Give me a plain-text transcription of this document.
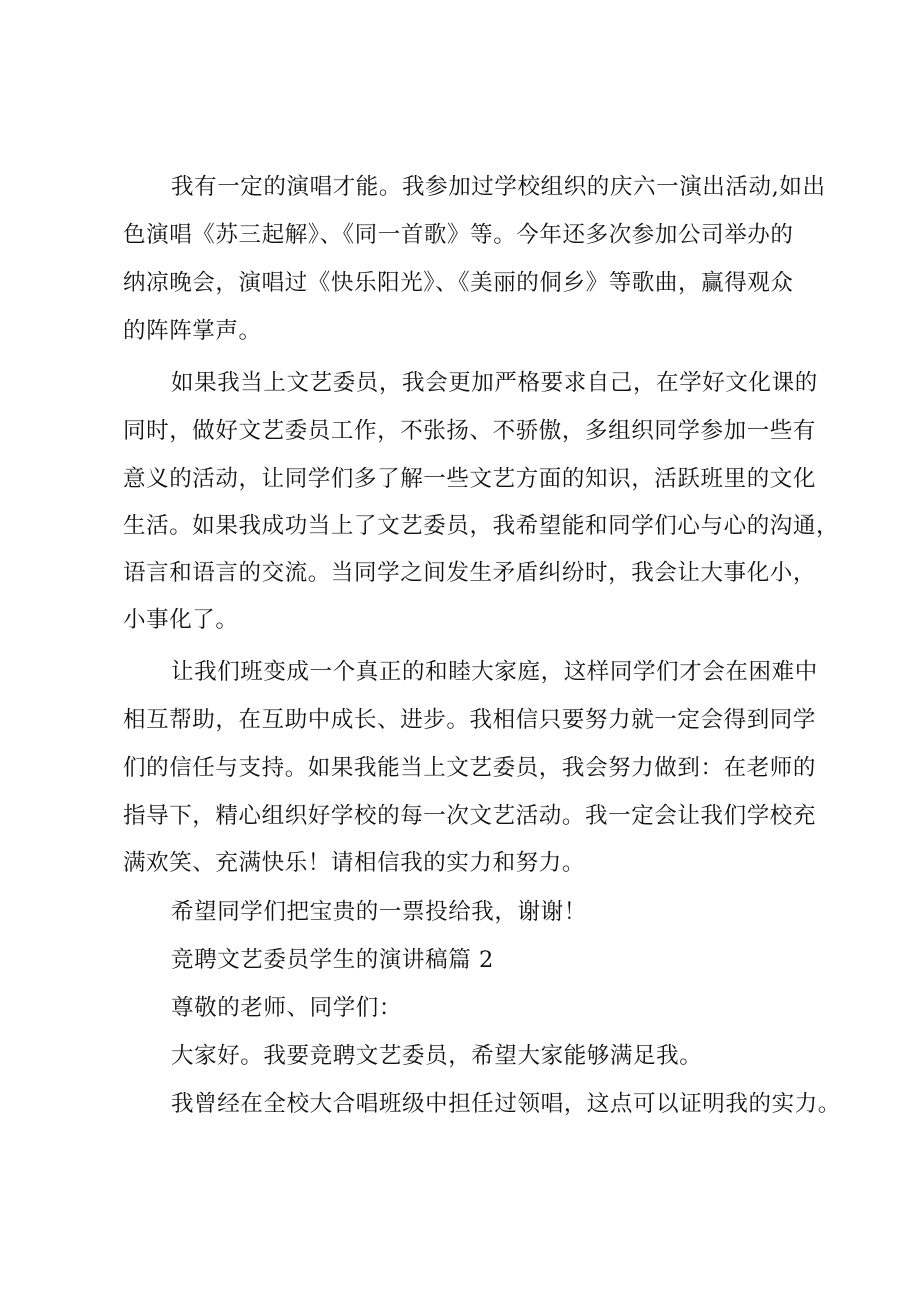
我有一定的演唱才能。我参加过学校组织的庆六一演出活动,如出
色演唱《苏三起解》、《同一首歌》等。今年还多次参加公司举办的
纳凉晚会，演唱过《快乐阳光》、《美丽的侗乡》等歌曲，赢得观众
的阵阵掌声。
如果我当上文艺委员，我会更加严格要求自己，在学好文化课的
同时，做好文艺委员工作，不张扬、不骄傲，多组织同学参加一些有
意义的活动，让同学们多了解一些文艺方面的知识，活跃班里的文化
生活。如果我成功当上了文艺委员，我希望能和同学们心与心的沟通，
语言和语言的交流。当同学之间发生矛盾纠纷时，我会让大事化小，
小事化了。
让我们班变成一个真正的和睦大家庭，这样同学们才会在困难中
相互帮助，在互助中成长、进步。我相信只要努力就一定会得到同学
们的信任与支持。如果我能当上文艺委员，我会努力做到：在老师的
指导下，精心组织好学校的每一次文艺活动。我一定会让我们学校充
满欢笑、充满快乐！请相信我的实力和努力。
希望同学们把宝贵的一票投给我，谢谢！
竞聘文艺委员学生的演讲稿篇 2
尊敬的老师、同学们：
大家好。我要竞聘文艺委员，希望大家能够满足我。
我曾经在全校大合唱班级中担任过领唱，这点可以证明我的实力。
